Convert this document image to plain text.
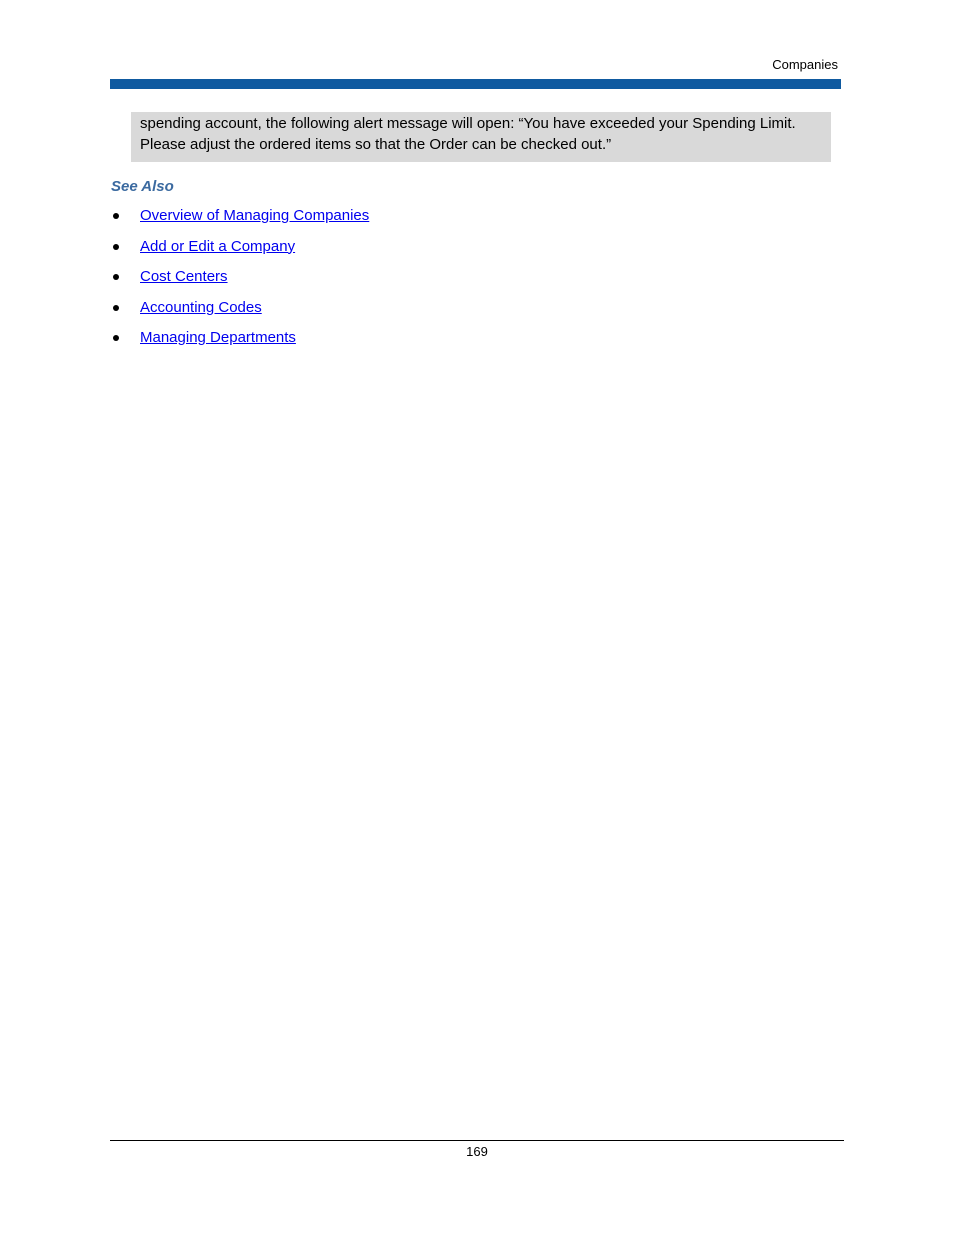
Companies

spending account, the following alert message will open: “You have exceeded your Spending Limit.

Please adjust the ordered items so that the Order can be checked out.”

See Also
Overview of Managing Companies
Add or Edit a Company
Cost Centers
Accounting Codes
Managing Departments
169
